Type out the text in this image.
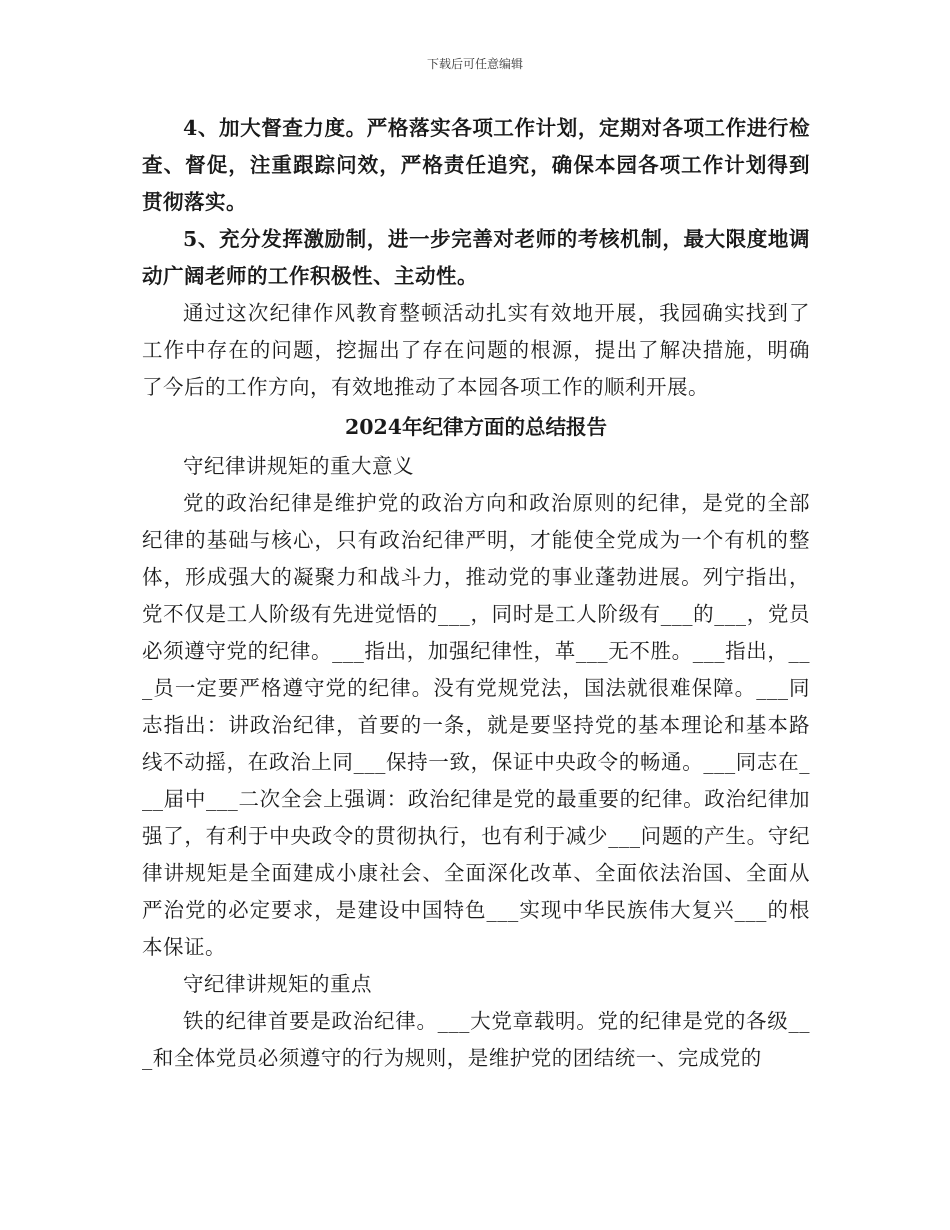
下载后可任意编辑

4、加大督查力度。严格落实各项工作计划，定期对各项工作进行检查、督促，注重跟踪问效，严格责任追究，确保本园各项工作计划得到贯彻落实。

5、充分发挥激励制，进一步完善对老师的考核机制，最大限度地调动广阔老师的工作积极性、主动性。

通过这次纪律作风教育整顿活动扎实有效地开展，我园确实找到了工作中存在的问题，挖掘出了存在问题的根源，提出了解决措施，明确了今后的工作方向，有效地推动了本园各项工作的顺利开展。

2024年纪律方面的总结报告

守纪律讲规矩的重大意义

党的政治纪律是维护党的政治方向和政治原则的纪律，是党的全部纪律的基础与核心，只有政治纪律严明，才能使全党成为一个有机的整体，形成强大的凝聚力和战斗力，推动党的事业蓬勃进展。列宁指出，党不仅是工人阶级有先进觉悟的___，同时是工人阶级有___的___，党员必须遵守党的纪律。___指出，加强纪律性，革___无不胜。___指出，___员一定要严格遵守党的纪律。没有党规党法，国法就很难保障。___同志指出：讲政治纪律，首要的一条，就是要坚持党的基本理论和基本路线不动摇，在政治上同___保持一致，保证中央政令的畅通。___同志在___届中___二次全会上强调：政治纪律是党的最重要的纪律。政治纪律加强了，有利于中央政令的贯彻执行，也有利于减少___问题的产生。守纪律讲规矩是全面建成小康社会、全面深化改革、全面依法治国、全面从严治党的必定要求，是建设中国特色___实现中华民族伟大复兴___的根本保证。

守纪律讲规矩的重点

铁的纪律首要是政治纪律。___大党章载明。党的纪律是党的各级___和全体党员必须遵守的行为规则，是维护党的团结统一、完成党的
